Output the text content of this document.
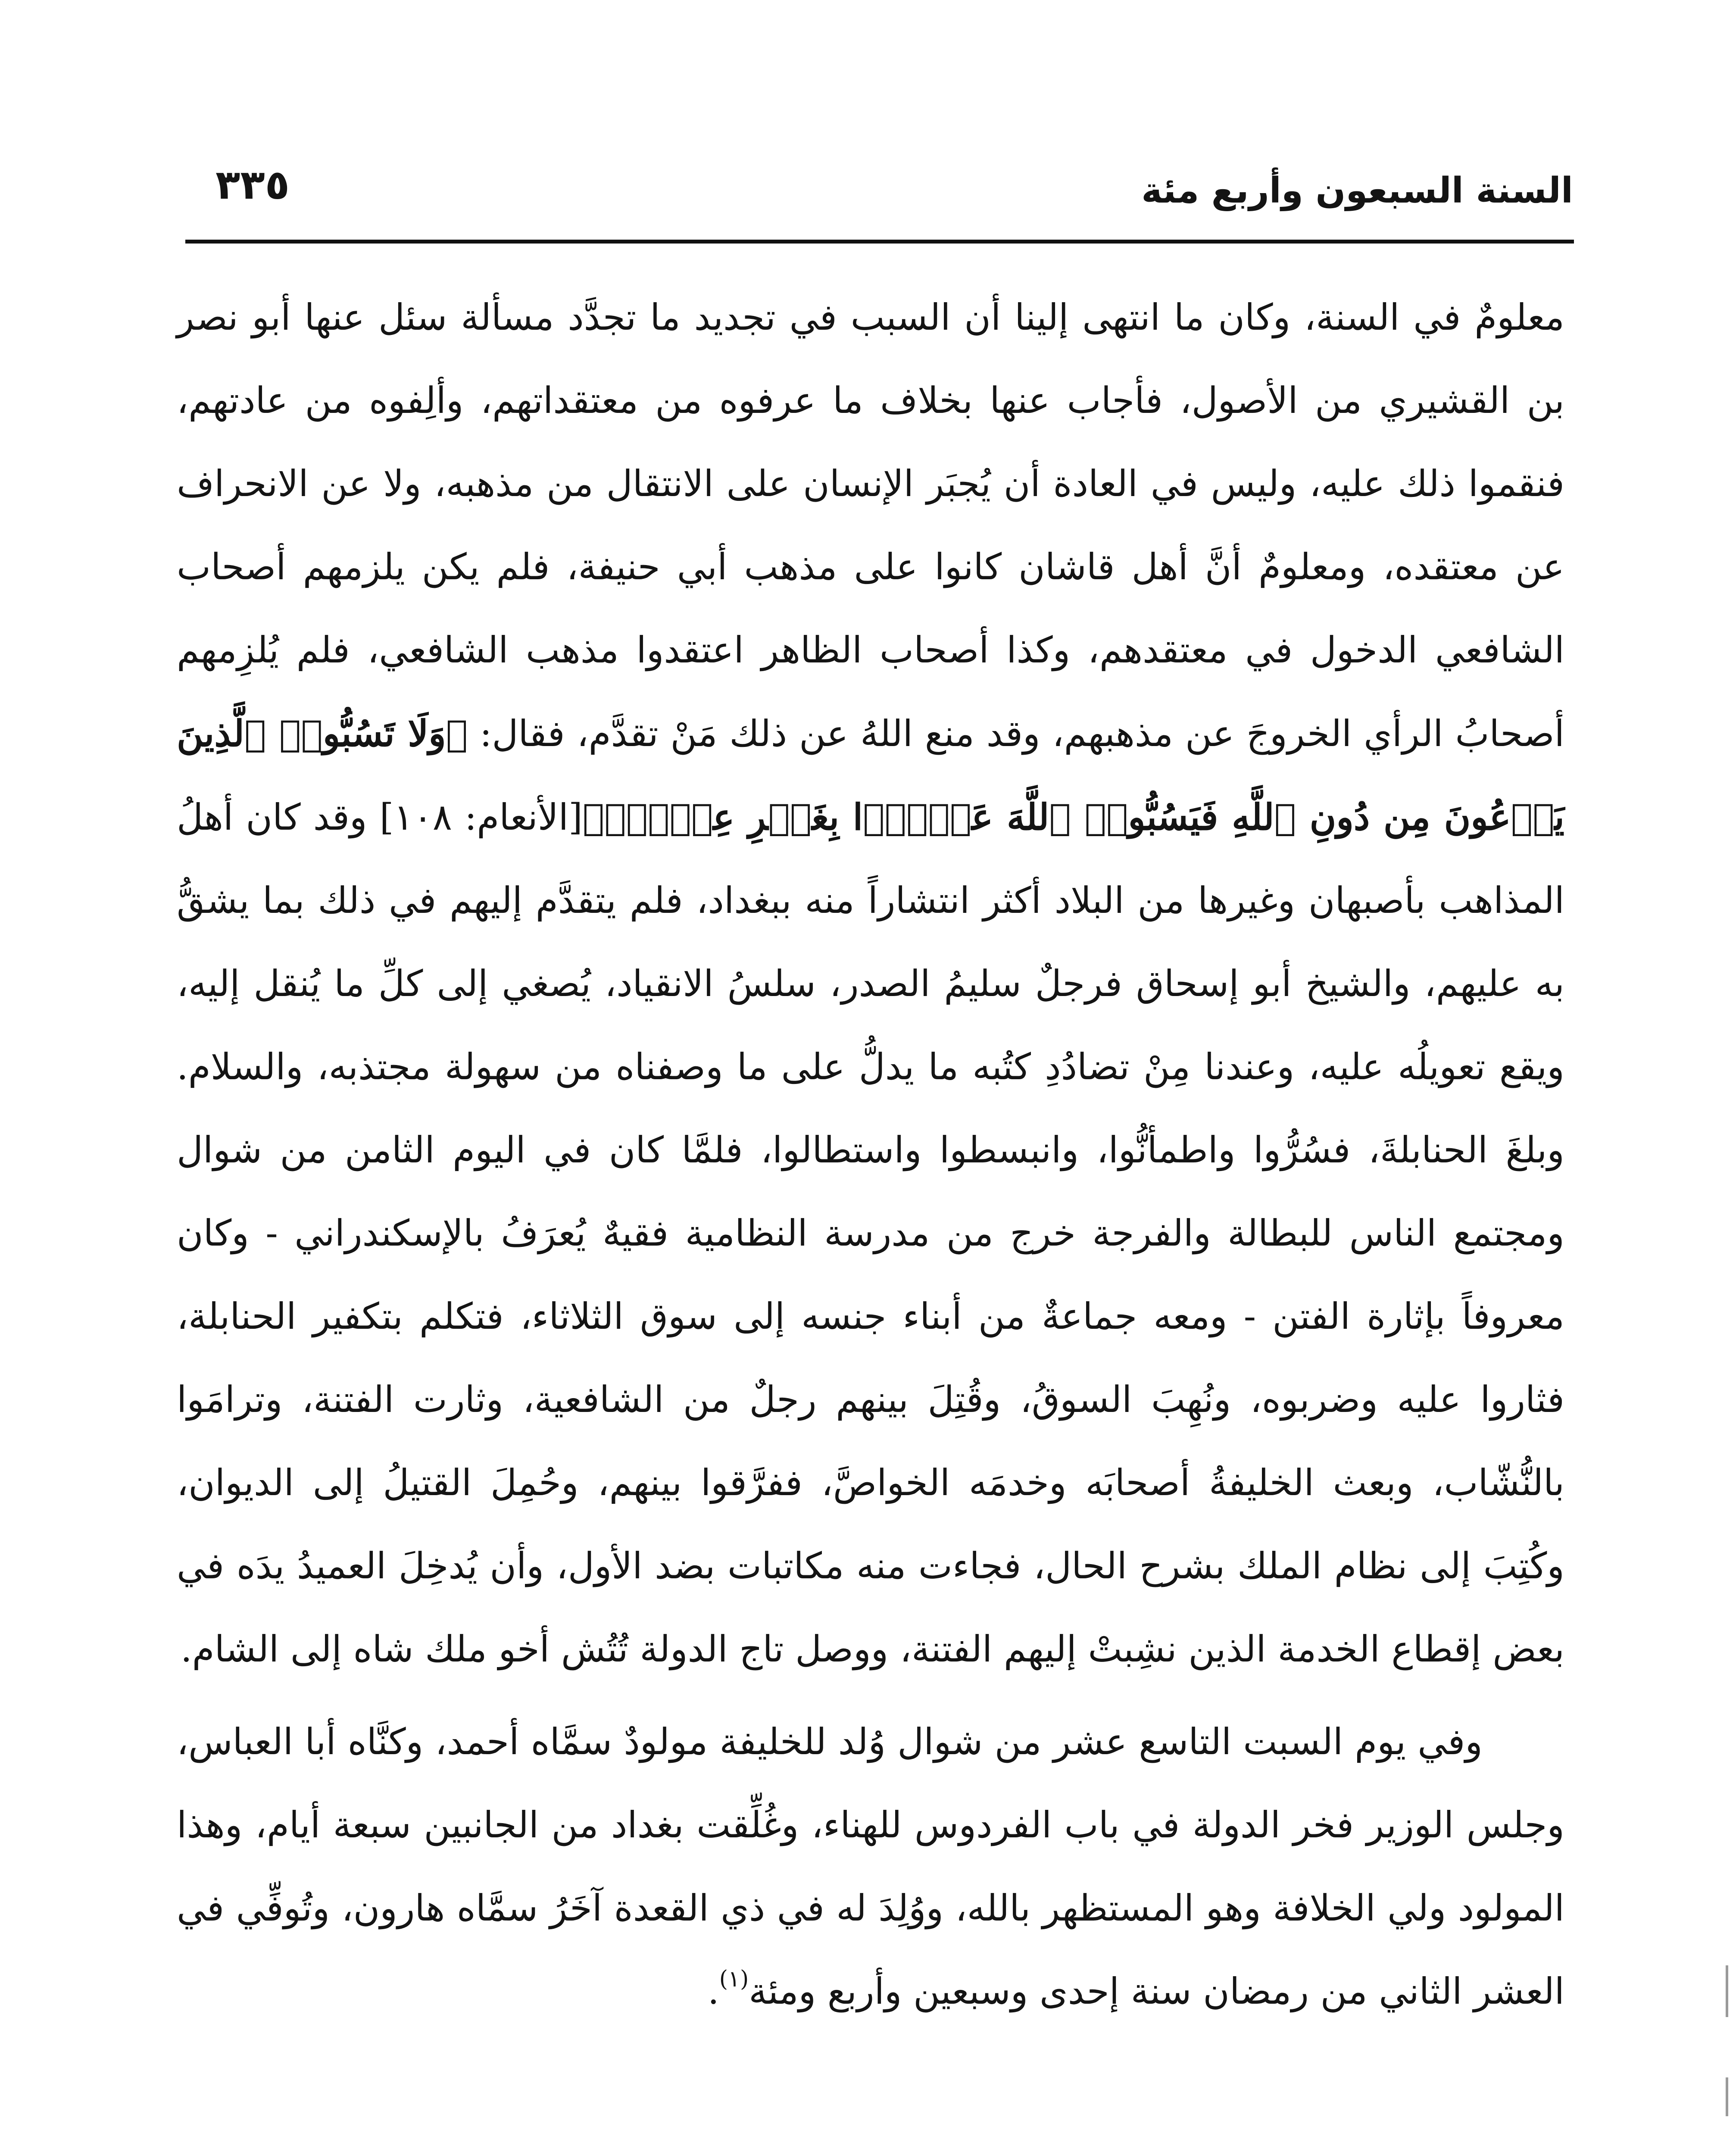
السنة السبعون وأربع مئة
٣٣٥

معلومٌ في السنة، وكان ما انتهى إلينا أن السبب في تجديد ما تجدَّد مسألة سئل عنها أبو نصر بن القشيري من الأصول، فأجاب عنها بخلاف ما عرفوه من معتقداتهم، وألِفوه من عادتهم، فنقموا ذلك عليه، وليس في العادة أن يُجبَر الإنسان على الانتقال من مذهبه، ولا عن الانحراف عن معتقده، ومعلومٌ أنَّ أهل قاشان كانوا على مذهب أبي حنيفة، فلم يكن يلزمهم أصحاب الشافعي الدخول في معتقدهم، وكذا أصحاب الظاهر اعتقدوا مذهب الشافعي، فلم يُلزِمهم أصحابُ الرأي الخروجَ عن مذهبهم، وقد منع اللهُ عن ذلك مَنْ تقدَّم، فقال: ﴿وَلَا تَسُبُّوا۟ ٱلَّذِينَ يَدۡعُونَ مِن دُونِ ٱللَّهِ فَيَسُبُّوا۟ ٱللَّهَ عَدۡوَۢا بِغَيۡرِ عِلۡمٖۗ﴾[الأنعام: ١٠٨] وقد كان أهلُ المذاهب بأصبهان وغيرها من البلاد أكثر انتشاراً منه ببغداد، فلم يتقدَّم إليهم في ذلك بما يشقُّ به عليهم، والشيخ أبو إسحاق فرجلٌ سليمُ الصدر، سلسُ الانقياد، يُصغي إلى كلِّ ما يُنقل إليه، ويقع تعويلُه عليه، وعندنا مِنْ تضادُدِ كتُبه ما يدلُّ على ما وصفناه من سهولة مجتذبه، والسلام. وبلغَ الحنابلةَ، فسُرُّوا واطمأنُّوا، وانبسطوا واستطالوا، فلمَّا كان في اليوم الثامن من شوال ومجتمع الناس للبطالة والفرجة خرج من مدرسة النظامية فقيهٌ يُعرَفُ بالإسكندراني - وكان معروفاً بإثارة الفتن - ومعه جماعةٌ من أبناء جنسه إلى سوق الثلاثاء، فتكلم بتكفير الحنابلة، فثاروا عليه وضربوه، ونُهِبَ السوقُ، وقُتِلَ بينهم رجلٌ من الشافعية، وثارت الفتنة، وترامَوا بالنُّشّاب، وبعث الخليفةُ أصحابَه وخدمَه الخواصَّ، ففرَّقوا بينهم، وحُمِلَ القتيلُ إلى الديوان، وكُتِبَ إلى نظام الملك بشرح الحال، فجاءت منه مكاتبات بضد الأول، وأن يُدخِلَ العميدُ يدَه في بعض إقطاع الخدمة الذين نشِبتْ إليهم الفتنة، ووصل تاج الدولة تُتُش أخو ملك شاه إلى الشام.

وفي يوم السبت التاسع عشر من شوال وُلد للخليفة مولودٌ سمَّاه أحمد، وكنَّاه أبا العباس، وجلس الوزير فخر الدولة في باب الفردوس للهناء، وغُلِّقت بغداد من الجانبين سبعة أيام، وهذا المولود ولي الخلافة وهو المستظهر بالله، ووُلِدَ له في ذي القعدة آخَرُ سمَّاه هارون، وتُوفِّي في العشر الثاني من رمضان سنة إحدى وسبعين وأربع ومئة$^{(١)}$.
